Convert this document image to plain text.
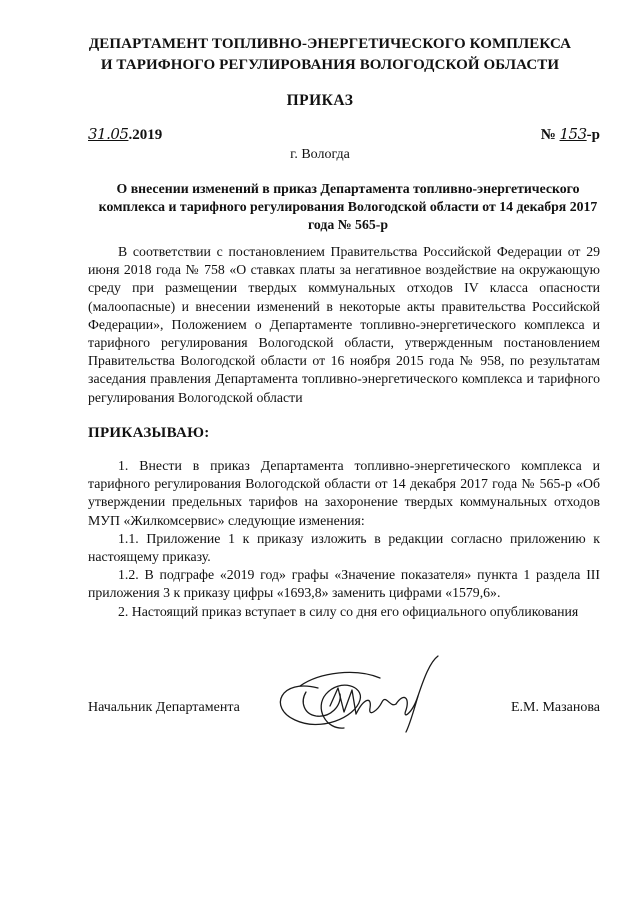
ДЕПАРТАМЕНТ ТОПЛИВНО-ЭНЕРГЕТИЧЕСКОГО КОМПЛЕКСА
И ТАРИФНОГО РЕГУЛИРОВАНИЯ ВОЛОГОДСКОЙ ОБЛАСТИ
ПРИКАЗ
31.05.2019	№ 153-р
г. Вологда
О внесении изменений в приказ Департамента топливно-энергетического комплекса и тарифного регулирования Вологодской области от 14 декабря 2017 года № 565-р

В соответствии с постановлением Правительства Российской Федерации от 29 июня 2018 года № 758 «О ставках платы за негативное воздействие на окружающую среду при размещении твердых коммунальных отходов IV класса опасности (малоопасные) и внесении изменений в некоторые акты правительства Российской Федерации», Положением о Департаменте топливно-энергетического комплекса и тарифного регулирования Вологодской области, утвержденным постановлением Правительства Вологодской области от 16 ноября 2015 года № 958, по результатам заседания правления Департамента топливно-энергетического комплекса и тарифного регулирования Вологодской области

ПРИКАЗЫВАЮ:

1. Внести в приказ Департамента топливно-энергетического комплекса и тарифного регулирования Вологодской области от 14 декабря 2017 года № 565-р «Об утверждении предельных тарифов на захоронение твердых коммунальных отходов МУП «Жилкомсервис» следующие изменения:

1.1. Приложение 1 к приказу изложить в редакции согласно приложению к настоящему приказу.

1.2. В подграфе «2019 год» графы «Значение показателя» пункта 1 раздела III приложения 3 к приказу цифры «1693,8» заменить цифрами «1579,6».

2. Настоящий приказ вступает в силу со дня его официального опубликования

Начальник Департамента	Е.М. Мазанова
